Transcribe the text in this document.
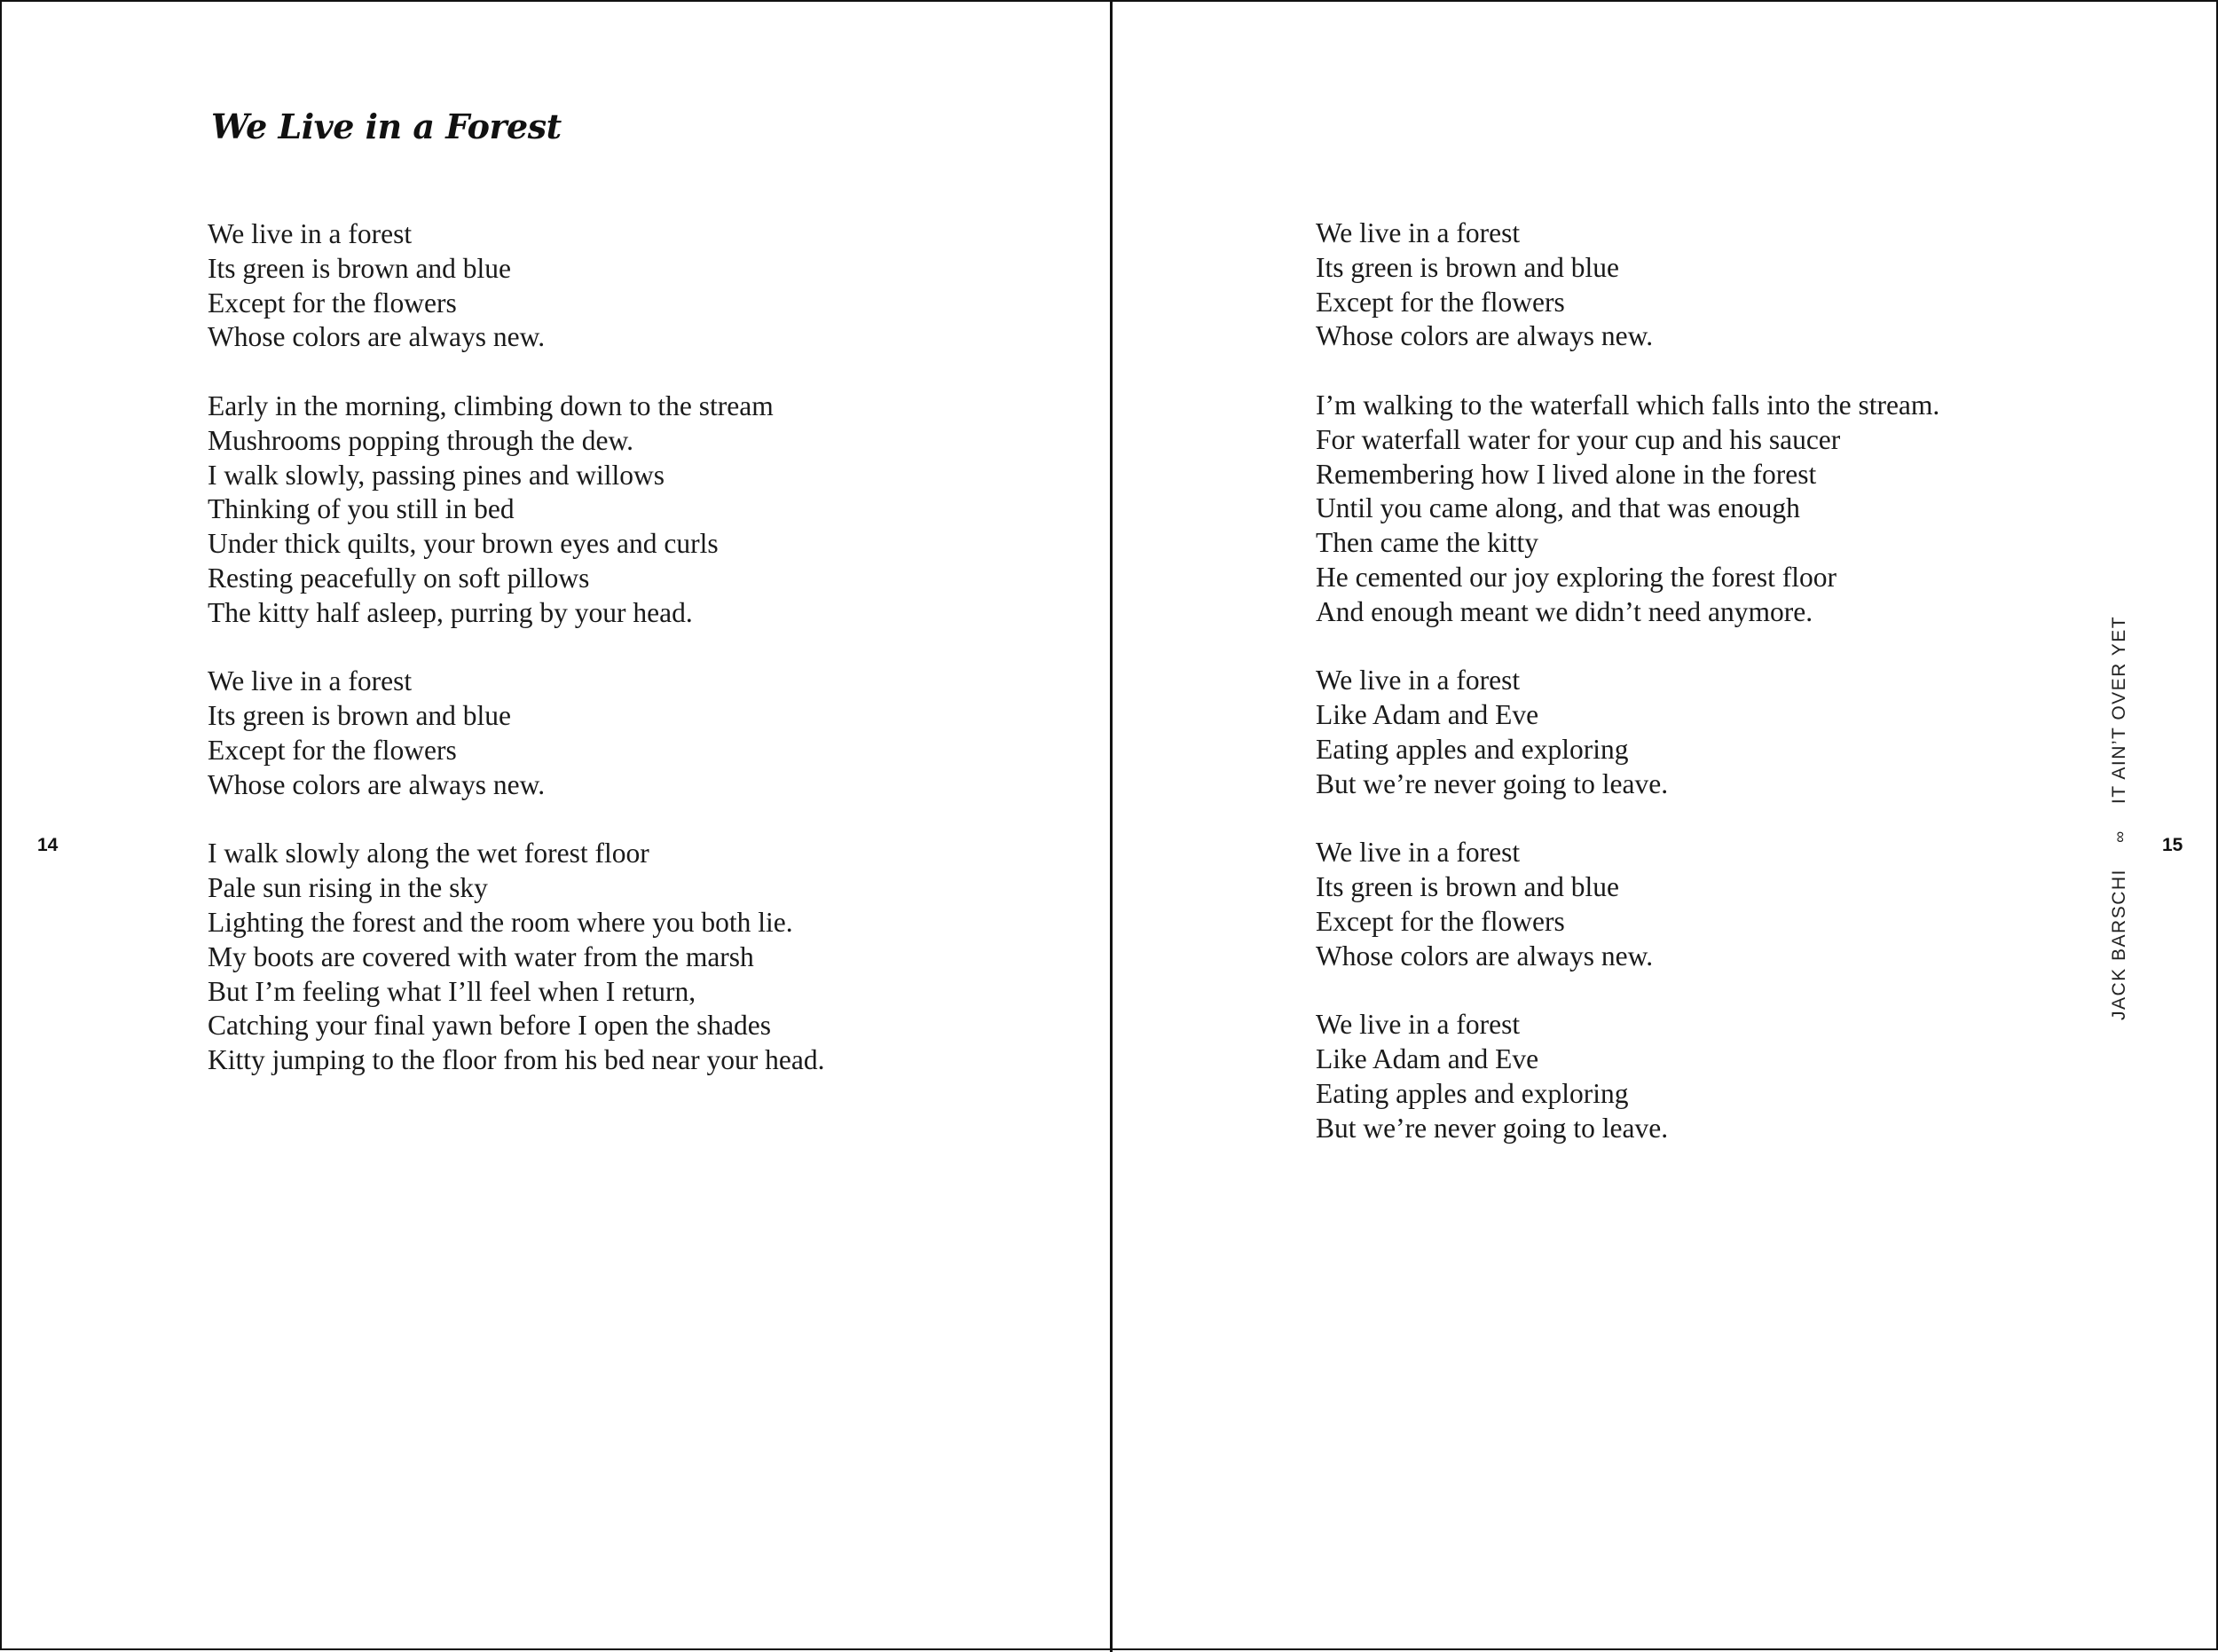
We Live in a Forest
We live in a forest
Its green is brown and blue
Except for the flowers
Whose colors are always new.
Early in the morning, climbing down to the stream
Mushrooms popping through the dew.
I walk slowly, passing pines and willows
Thinking of you still in bed
Under thick quilts, your brown eyes and curls
Resting peacefully on soft pillows
The kitty half asleep, purring by your head.
We live in a forest
Its green is brown and blue
Except for the flowers
Whose colors are always new.
I walk slowly along the wet forest floor
Pale sun rising in the sky
Lighting the forest and the room where you both lie.
My boots are covered with water from the marsh
But I’m feeling what I’ll feel when I return,
Catching your final yawn before I open the shades
Kitty jumping to the floor from his bed near your head.
14
We live in a forest
Its green is brown and blue
Except for the flowers
Whose colors are always new.
I’m walking to the waterfall which falls into the stream.
For waterfall water for your cup and his saucer
Remembering how I lived alone in the forest
Until you came along, and that was enough
Then came the kitty
He cemented our joy exploring the forest floor
And enough meant we didn’t need anymore.
We live in a forest
Like Adam and Eve
Eating apples and exploring
But we’re never going to leave.
We live in a forest
Its green is brown and blue
Except for the flowers
Whose colors are always new.
We live in a forest
Like Adam and Eve
Eating apples and exploring
But we’re never going to leave.
JACK BARSCHI ∞ IT AIN’T OVER YET
15
